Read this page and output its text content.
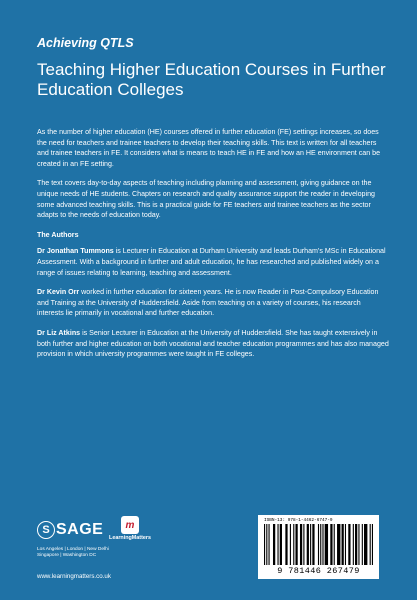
Achieving QTLS
Teaching Higher Education Courses in Further Education Colleges

As the number of higher education (HE) courses offered in further education (FE) settings increases, so does the need for teachers and trainee teachers to develop their teaching skills. This text is written for all teachers and trainee teachers in FE. It considers what is means to teach HE in FE and how an HE environment can be created in an FE setting.

The text covers day-to-day aspects of teaching including planning and assessment, giving guidance on the unique needs of HE students. Chapters on research and quality assurance support the reader in developing some advanced teaching skills. This is a practical guide for FE teachers and trainee teachers as the sector adapts to the needs of education today.

The Authors

Dr Jonathan Tummons is Lecturer in Education at Durham University and leads Durham's MSc in Educational Assessment. With a background in further and adult education, he has researched and published widely on a range of issues relating to learning, teaching and assessment.

Dr Kevin Orr worked in further education for sixteen years. He is now Reader in Post-Compulsory Education and Training at the University of Huddersfield. Aside from teaching on a variety of courses, his research interests lie primarily in vocational and further education.

Dr Liz Atkins is Senior Lecturer in Education at the University of Huddersfield. She has taught extensively in both further and higher education on both vocational and teacher education programmes and has also managed provision in which university programmes were taught in FE colleges.

S SAGE
Los Angeles | London | New Delhi Singapore | Washington DC
m
LearningMatters
www.learningmatters.co.uk
ISBN-13: 978-1-4462-6747-9
9 781446 267479
